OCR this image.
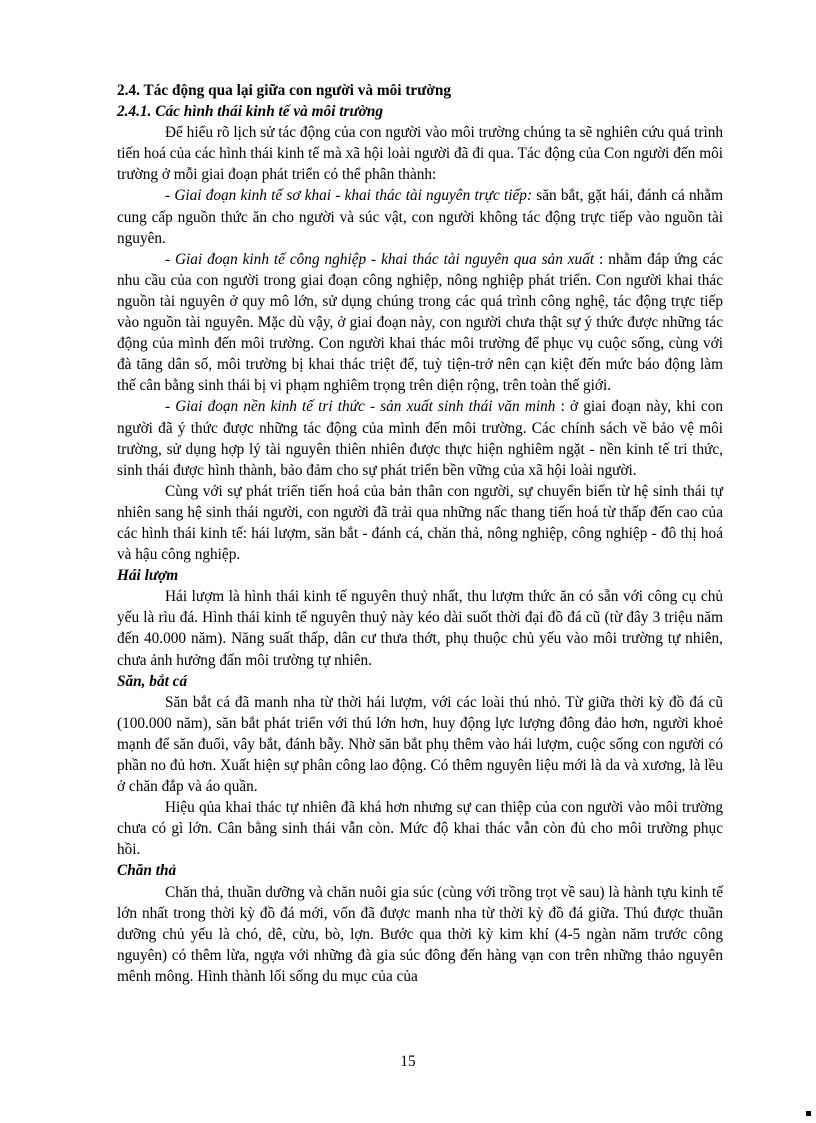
2.4. Tác động qua lại giữa con người và môi trường

2.4.1. Các hình thái kinh tế và môi trường

Để hiểu rõ lịch sử tác động của con người vào môi trường chúng ta sẽ nghiên cứu quá trình tiến hoá của các hình thái kinh tế mà xã hội loài người đã đi qua. Tác động của Con người đến môi trường ở mỗi giai đoạn phát triển có thể phân thành:

- Giai đoạn kinh tế sơ khai - khai thác tài nguyên trực tiếp: săn bắt, gặt hái, đánh cá nhằm cung cấp nguồn thức ăn cho người và súc vật, con người không tác động trực tiếp vào nguồn tài nguyên.

- Giai đoạn kinh tế công nghiệp - khai thác tài nguyên qua sản xuất : nhằm đáp ứng các nhu cầu của con người trong giai đoạn công nghiệp, nông nghiệp phát triển. Con người khai thác nguồn tài nguyên ở quy mô lớn, sử dụng chúng trong các quá trình công nghệ, tác động trực tiếp vào nguồn tài nguyên. Mặc dù vậy, ở giai đoạn này, con người chưa thật sự ý thức được những tác động của mình đến môi trường. Con người khai thác môi trường để phục vụ cuộc sống, cùng với đà tăng dân số, môi trường bị khai thác triệt để, tuỳ tiện-trở nên cạn kiệt đến mức báo động làm thế cân bằng sinh thái bị vi phạm nghiêm trọng trên diện rộng, trên toàn thế giới.

- Giai đoạn nền kinh tế tri thức - sản xuất sinh thái văn minh : ở giai đoạn này, khi con người đã ý thức được những tác động của mình đến môi trường. Các chính sách về bảo vệ môi trường, sử dụng hợp lý tài nguyên thiên nhiên được thực hiện nghiêm ngặt - nền kinh tế tri thức, sinh thái được hình thành, bảo đảm cho sự phát triển bền vững của xã hội loài người.

Cùng với sự phát triển tiến hoá của bản thân con người, sự chuyển biến từ hệ sinh thái tự nhiên sang hệ sinh thái người, con người đã trải qua những nấc thang tiến hoá từ thấp đến cao của các hình thái kinh tế: hái lượm, săn bắt - đánh cá, chăn thả, nông nghiệp, công nghiệp - đô thị hoá và hậu công nghiệp.

Hái lượm

Hái lượm là hình thái kinh tế nguyên thuỷ nhất, thu lượm thức ăn có sẵn với công cụ chủ yếu là rìu đá. Hình thái kinh tế nguyên thuỷ này kéo dài suốt thời đại đồ đá cũ (từ đây 3 triệu năm đến 40.000 năm). Năng suất thấp, dân cư thưa thớt, phụ thuộc chủ yếu vào môi trường tự nhiên, chưa ảnh hưởng đấn môi trường tự nhiên.

Săn, bắt cá

Săn bắt cá đã manh nha từ thời hái lượm, với các loài thú nhỏ. Từ giữa thời kỳ đồ đá cũ (100.000 năm), săn bắt phát triển với thú lớn hơn, huy động lực lượng đông đảo hơn, người khoẻ mạnh để săn đuổi, vây bắt, đánh bẫy. Nhờ săn bắt phụ thêm vào hái lượm, cuộc sống con người có phần no đủ hơn. Xuất hiện sự phân công lao động. Có thêm nguyên liệu mới là da và xương, là lều ở chăn đắp và áo quần.

Hiệu qủa khai thác tự nhiên đã khá hơn nhưng sự can thiệp của con người vào môi trường chưa có gì lớn. Cân bằng sinh thái vẫn còn. Mức độ khai thác vẫn còn đủ cho môi trường phục hồi.

Chăn thả

Chăn thả, thuần dưỡng và chăn nuôi gia súc (cùng với trồng trọt về sau) là hành tựu kinh tế lớn nhất trong thời kỳ đồ đá mới, vốn đã được manh nha từ thời kỳ đồ đá giữa. Thú được thuần dưỡng chủ yếu là chó, dê, cừu, bò, lợn. Bước qua thời kỳ kim khí (4-5 ngàn năm trước công nguyên) có thêm lừa, ngựa với những đà gia súc đông đến hàng vạn con trên những thảo nguyên mênh mông. Hình thành lối sống du mục của của

15
